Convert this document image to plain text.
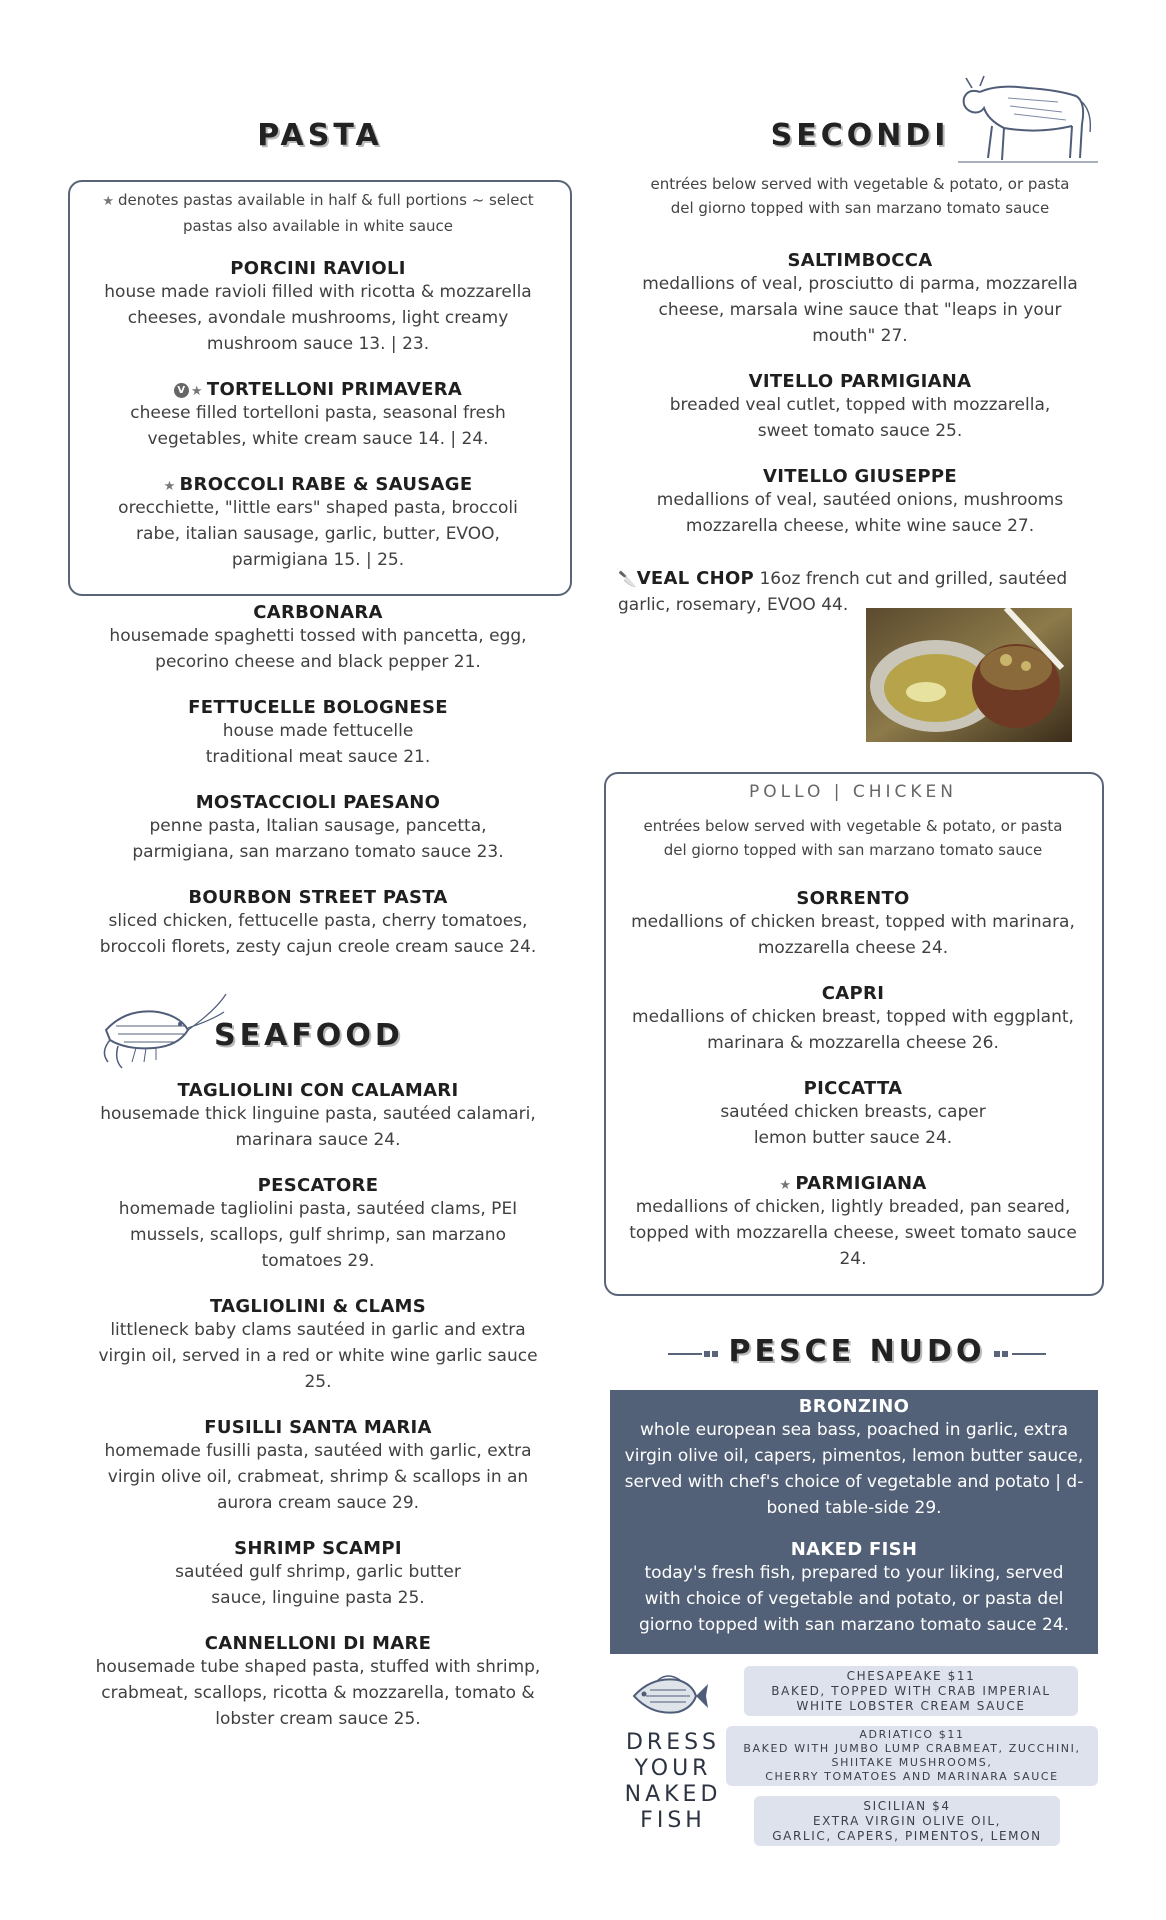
PASTA
★ denotes pastas available in half & full portions ~ select pastas also available in white sauce
PORCINI RAVIOLI
house made ravioli filled with ricotta & mozzarella cheeses, avondale mushrooms, light creamy mushroom sauce 13. | 23.
V ★ TORTELLONI PRIMAVERA
cheese filled tortelloni pasta, seasonal fresh vegetables, white cream sauce 14. | 24.
★ BROCCOLI RABE & SAUSAGE
orecchiette, "little ears" shaped pasta, broccoli rabe, italian sausage, garlic, butter, EVOO, parmigiana 15. | 25.
CARBONARA
housemade spaghetti tossed with pancetta, egg, pecorino cheese and black pepper 21.
FETTUCELLE BOLOGNESE
house made fettucelle traditional meat sauce 21.
MOSTACCIOLI PAESANO
penne pasta, Italian sausage, pancetta, parmigiana, san marzano tomato sauce 23.
BOURBON STREET PASTA
sliced chicken, fettucelle pasta, cherry tomatoes, broccoli florets, zesty cajun creole cream sauce 24.
SEAFOOD
TAGLIOLINI CON CALAMARI
housemade thick linguine pasta, sautéed calamari, marinara sauce 24.
PESCATORE
homemade tagliolini pasta, sautéed clams, PEI mussels, scallops, gulf shrimp, san marzano tomatoes 29.
TAGLIOLINI & CLAMS
littleneck baby clams sautéed in garlic and extra virgin oil, served in a red or white wine garlic sauce 25.
FUSILLI SANTA MARIA
homemade fusilli pasta, sautéed with garlic, extra virgin olive oil, crabmeat, shrimp & scallops in an aurora cream sauce 29.
SHRIMP SCAMPI
sautéed gulf shrimp, garlic butter sauce, linguine pasta 25.
CANNELLONI DI MARE
housemade tube shaped pasta, stuffed with shrimp, crabmeat, scallops, ricotta & mozzarella, tomato & lobster cream sauce 25.
SECONDI
entrées below served with vegetable & potato, or pasta del giorno topped with san marzano tomato sauce
SALTIMBOCCA
medallions of veal, prosciutto di parma, mozzarella cheese, marsala wine sauce that "leaps in your mouth" 27.
VITELLO PARMIGIANA
breaded veal cutlet, topped with mozzarella, sweet tomato sauce 25.
VITELLO GIUSEPPE
medallions of veal, sautéed onions, mushrooms mozzarella cheese, white wine sauce 27.
🔪VEAL CHOP 16oz french cut and grilled, sautéed garlic, rosemary, EVOO 44.
POLLO | CHICKEN
entrées below served with vegetable & potato, or pasta del giorno topped with san marzano tomato sauce
SORRENTO
medallions of chicken breast, topped with marinara, mozzarella cheese 24.
CAPRI
medallions of chicken breast, topped with eggplant, marinara & mozzarella cheese 26.
PICCATTA
sautéed chicken breasts, caper lemon butter sauce 24.
★ PARMIGIANA
medallions of chicken, lightly breaded, pan seared, topped with mozzarella cheese, sweet tomato sauce 24.
PESCE NUDO
BRONZINO
whole european sea bass, poached in garlic, extra virgin olive oil, capers, pimentos, lemon butter sauce, served with chef's choice of vegetable and potato | d-boned table-side 29.
NAKED FISH
today's fresh fish, prepared to your liking, served with choice of vegetable and potato, or pasta del giorno topped with san marzano tomato sauce 24.
DRESS
YOUR
NAKED
FISH
CHESAPEAKE $11
BAKED, TOPPED WITH CRAB IMPERIAL
WHITE LOBSTER CREAM SAUCE
ADRIATICO $11
BAKED WITH JUMBO LUMP CRABMEAT, ZUCCHINI,
SHIITAKE MUSHROOMS,
CHERRY TOMATOES AND MARINARA SAUCE
SICILIAN $4
EXTRA VIRGIN OLIVE OIL,
GARLIC, CAPERS, PIMENTOS, LEMON
